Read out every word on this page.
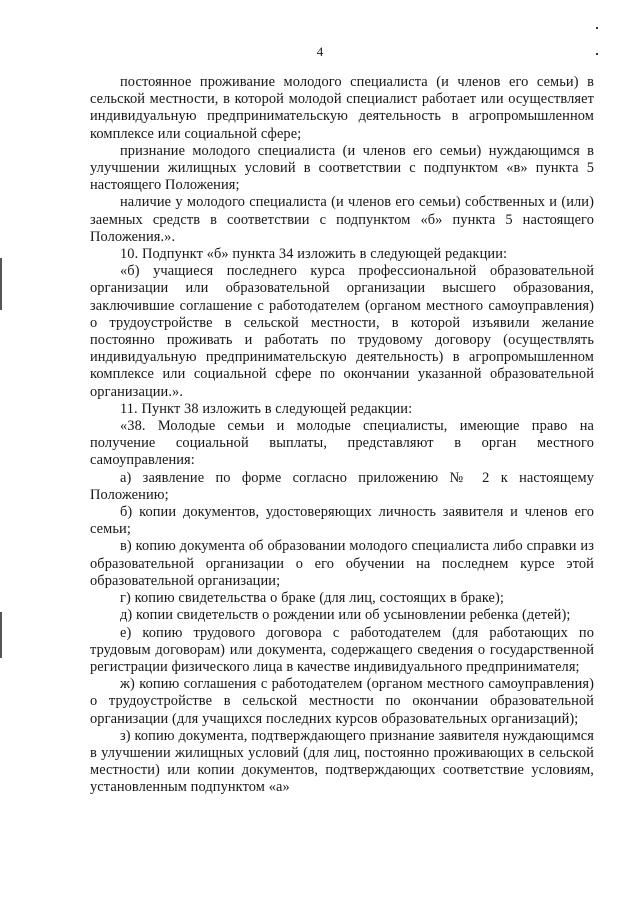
4

постоянное проживание молодого специалиста (и членов его семьи) в сельской местности, в которой молодой специалист работает или осуществляет индивидуальную предпринимательскую деятельность в агропромышленном комплексе или социальной сфере;

признание молодого специалиста (и членов его семьи) нуждающимся в улучшении жилищных условий в соответствии с подпунктом «в» пункта 5 настоящего Положения;

наличие у молодого специалиста (и членов его семьи) собственных и (или) заемных средств в соответствии с подпунктом «б» пункта 5 настоящего Положения.».

10. Подпункт «б» пункта 34 изложить в следующей редакции:

«б) учащиеся последнего курса профессиональной образовательной организации или образовательной организации высшего образования, заключившие соглашение с работодателем (органом местного самоуправления) о трудоустройстве в сельской местности, в которой изъявили желание постоянно проживать и работать по трудовому договору (осуществлять индивидуальную предпринимательскую деятельность) в агропромышленном комплексе или социальной сфере по окончании указанной образовательной организации.».

11. Пункт 38 изложить в следующей редакции:

«38. Молодые семьи и молодые специалисты, имеющие право на получение социальной выплаты, представляют в орган местного самоуправления:

а) заявление по форме согласно приложению № 2 к настоящему Положению;

б) копии документов, удостоверяющих личность заявителя и членов его семьи;

в) копию документа об образовании молодого специалиста либо справки из образовательной организации о его обучении на последнем курсе этой образовательной организации;

г) копию свидетельства о браке (для лиц, состоящих в браке);

д) копии свидетельств о рождении или об усыновлении ребенка (детей);

е) копию трудового договора с работодателем (для работающих по трудовым договорам) или документа, содержащего сведения о государственной регистрации физического лица в качестве индивидуального предпринимателя;

ж) копию соглашения с работодателем (органом местного самоуправления) о трудоустройстве в сельской местности по окончании образовательной организации (для учащихся последних курсов образовательных организаций);

з) копию документа, подтверждающего признание заявителя нуждающимся в улучшении жилищных условий (для лиц, постоянно проживающих в сельской местности) или копии документов, подтверждающих соответствие условиям, установленным подпунктом «а»
